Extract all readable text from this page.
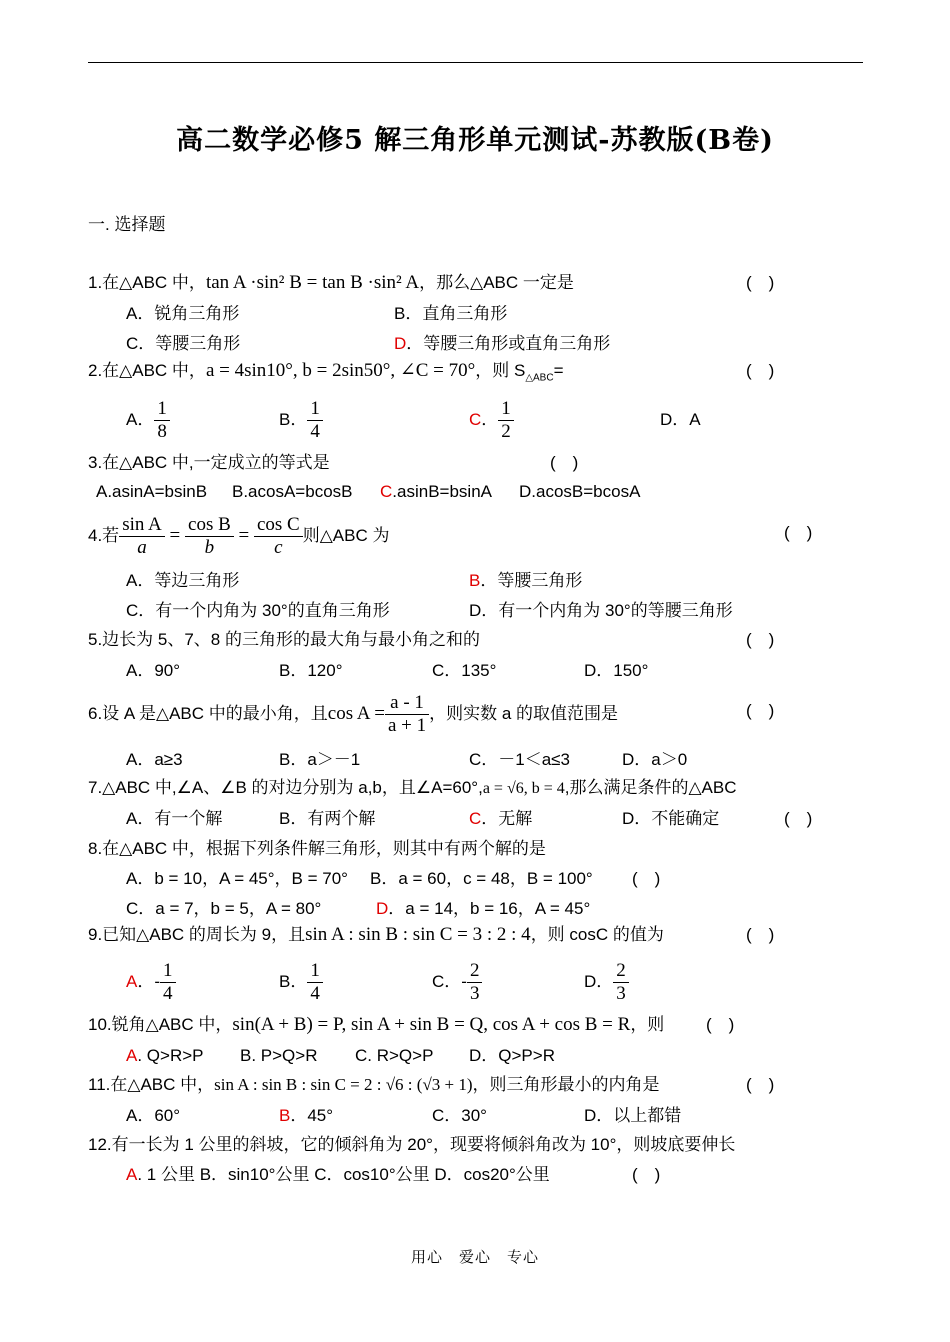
高二数学必修5 解三角形单元测试-苏教版(B卷)
一. 选择题
1.在△ABC 中，tan A ·sin² B = tan B ·sin² A，那么△ABC 一定是	(　)
A．锐角三角形	B．直角三角形
C．等腰三角形	D．等腰三角形或直角三角形
2.在△ABC 中，a = 4sin10°, b = 2sin50°, ∠C = 70°，则 $S_{\triangle ABC}=$	(　)
A． $\frac{1}{8}$	B． $\frac{1}{4}$	C． $\frac{1}{2}$	D．A
3.在△ABC 中,一定成立的等式是	(　)
A.asinA=bsinB B.acosA=bcosB C.asinB=bsinA D.acosB=bcosA
4.若 $\frac{\text{sin A}}{a} = \frac{\text{cos B}}{b} = \frac{\text{cos C}}{c}$ 则△ABC 为	(　)
A．等边三角形	B．等腰三角形
C．有一个内角为 30°的直角三角形	D．有一个内角为 30°的等腰三角形
5.边长为 5、7、8 的三角形的最大角与最小角之和的	(　)
A．90°	B．120°	C．135°	D．150°
6.设 A 是△ABC 中的最小角，且$\cos A = \frac{a - 1}{a + 1}$ ，则实数 a 的取值范围是	(　)
A．a≥3	B．a＞－1	C．－1＜a≤3	D．a＞0
7.△ABC 中,∠A、∠B 的对边分别为 a,b，且∠A=60°,a = √6, b = 4,那么满足条件的△ABC
A．有一个解	B．有两个解	C．无解	D．不能确定	(　)
8.在△ABC 中，根据下列条件解三角形，则其中有两个解的是
A．b = 10，A = 45°，B = 70° B．a = 60，c = 48，B = 100° (　)
C．a = 7，b = 5，A = 80°	D．a = 14，b = 16，A = 45°
9.已知△ABC 的周长为 9，且sin A : sin B : sin C = 3 : 2 : 4，则 cosC 的值为	(　)
A．- $\frac{1}{4}$	B． $\frac{1}{4}$	C．- $\frac{2}{3}$	D． $\frac{2}{3}$
10.锐角△ABC 中，sin(A + B) = P, sin A + sin B = Q, cos A + cos B = R，则 (　)
A. Q>R>P B. P>Q>R C. R>Q>P D．Q>P>R
11.在△ABC 中，sin A : sin B : sin C = 2 : √6 : (√3 + 1)，则三角形最小的内角是	(　)
A．60°	B．45°	C．30°	D．以上都错
12.有一长为 1 公里的斜坡，它的倾斜角为 20°，现要将倾斜角改为 10°，则坡底要伸长
A. 1 公里 B．sin10°公里 C．cos10°公里 D．cos20°公里	(　)
用心　爱心　专心
